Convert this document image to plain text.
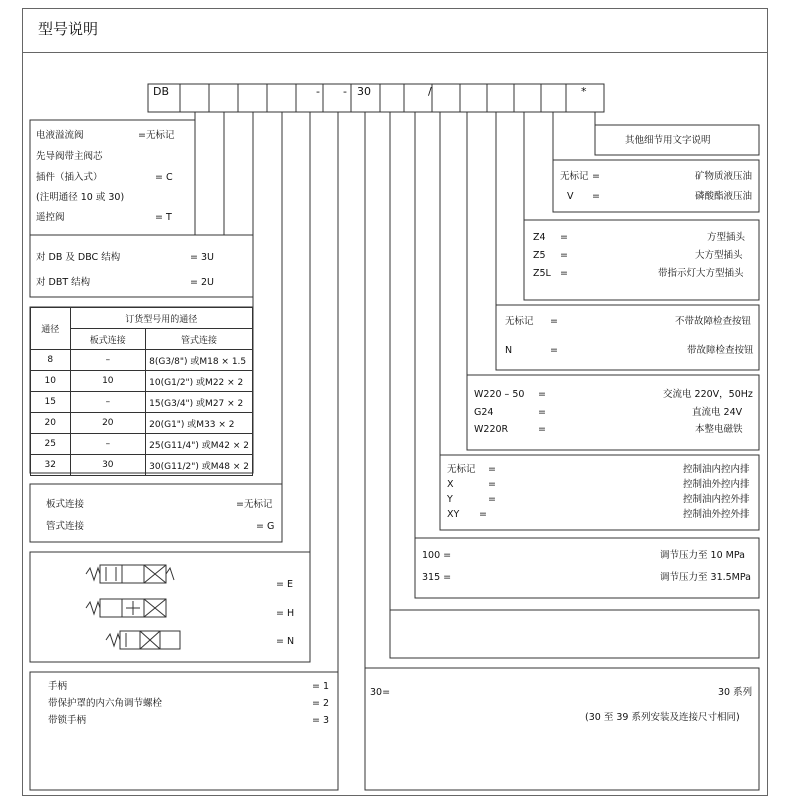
型号说明
DB	- - 30	/	*
电液溢流阀	=无标记
先导阀带主阀芯
插件（插入式）	= C
(注明通径 10 或 30)
遥控阀	= T
对 DB 及 DBC 结构	= 3U
对 DBT 结构	= 2U
通径	订货型号用的通径	
	板式连接	管式连接
8	–	8(G3/8") 或M18 × 1.5
10	10	10(G1/2") 或M22 × 2
15	–	15(G3/4") 或M27 × 2
20	20	20(G1") 或M33 × 2
25	–	25(G11/4") 或M42 × 2
32	30	30(G11/2") 或M48 × 2
板式连接	=无标记
管式连接	= G
= E
= H
= N
手柄	= 1
带保护罩的内六角调节螺栓	= 2
带锁手柄	= 3
其他细节用文字说明
无标记 =	矿物质液压油
V =	磷酸酯液压油
Z4 =	方型插头
Z5 =	大方型插头
Z5L =	带指示灯大方型插头
无标记 =	不带故障检查按钮
N	=	带故障检查按钮
W220 – 50 =	交流电 220V，50Hz
G24	=	直流电 24V
W220R	=	本整电磁铁
无标记 =	控制油内控内排
X	=	控制油外控内排
Y	=	控制油内控外排
XY =	控制油外控外排
100 =	调节压力至 10 MPa
315 =	调节压力至 31.5MPa
30=	30 系列
(30 至 39 系列安装及连接尺寸相同)
